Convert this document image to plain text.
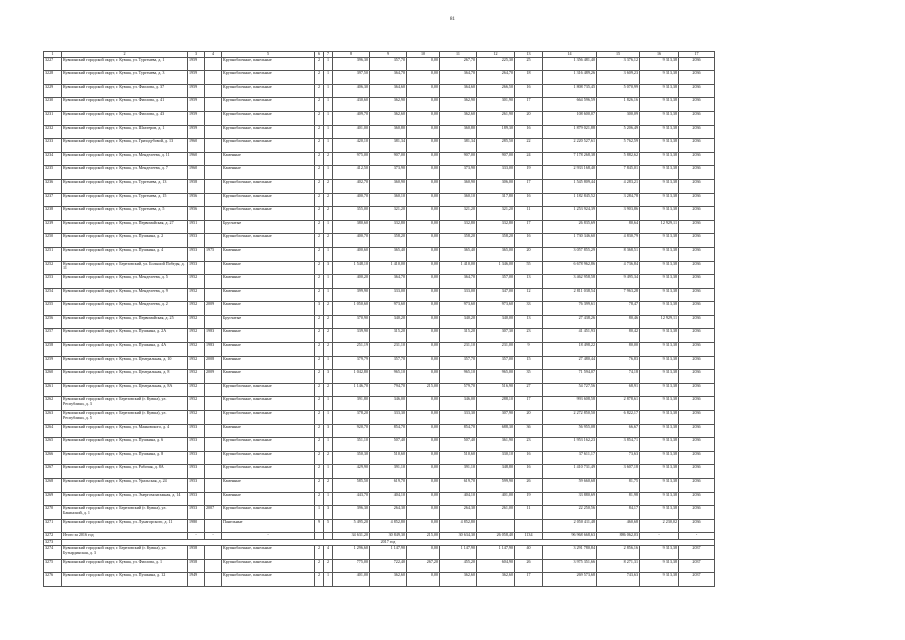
81
1	2	3	4	5	6	7	8	9	10	11	12	13	14	15	16	17
3227	Кувшинский городской округ, г. Кувша, ул. Тургенева, д. 1	1959		Крупноблочные, панельные	2	1	396,30	357,70	0,00	267,70	225,30	25	1 356 481,40	3 376,12	9 313,38	2036
3228	Кувшинский городской округ, г. Кувша, ул. Тургенева, д. 3	1959		Крупноблочные, панельные	2	1	397,50	364,70	0,00	364,70	264,70	18	1 316 489,26	3 609,23	9 313,38	2036
3229	Кувшинский городской округ, г. Кувша, ул. Фиолова, д. 37	1959		Крупноблочные, панельные	2	1	406,30	364,60	0,00	364,60	266,50	16	1 808 735,45	5 070,99	9 313,38	2036
3230	Кувшинский городской округ, г. Кувша, ул. Фиолова, д. 41	1959		Крупноблочные, панельные	2	1	430,60	362,90	0,00	362,90	301,90	17	664 596,59	1 826,16	9 313,38	2036
3231	Кувшинский городской округ, г. Кувша, ул. Фиолова, д. 43	1959		Крупноблочные, панельные	2	1	409,70	362,60	0,00	362,60	261,90	20	108 600,07	300,09	9 313,38	2036
3232	Кувшинский городской округ, г. Кувша, ул. Шахтеров, д. 1	1959		Крупноблочные, панельные	2	1	401,00	360,80	0,00	360,80	189,30	16	1 879 021,88	5 206,49	9 313,38	2036
3233	Кувшинский городской округ, г. Кувша, ул. Гризодубовой, д. 13	1960		Крупноблочные, панельные	2	1	420,10	381,34	0,00	381,34	285,50	22	2 220 527,61	5 762,59	9 313,38	2036
3234	Кувшинский городской округ, г. Кувша, ул. Менделеева, д. 11	1960		Каменные	2	2	975,00	907,00	0,00	907,00	907,00	24	7 178 268,38	5 882,62	9 313,38	2036
3235	Кувшинский городской округ, г. Кувша, ул. Менделеева, д. 7	1960		Каменные	2	1	412,50	373,90	0,00	373,90	333,00	19	2 933 168,40	7 845,01	9 313,38	2036
3236	Кувшинский городской округ, г. Кувша, ул. Тургенева, д. 13	1958		Крупноблочные, панельные	2	2	402,70	360,90	0,00	360,90	306,00	17	1 545 809,44	4 283,21	9 313,38	2036
3237	Кувшинский городской округ, г. Кувша, ул. Тургенева, д. 15	1956		Крупноблочные, панельные	2	2	400,70	360,10	0,00	360,10	317,80	16	1 182 845,52	3 284,78	9 313,38	2036
3238	Кувшинский городской округ, г. Кувша, ул. Тургенева, д. 5	1956		Крупноблочные, панельные	2	2	355,00	321,20	0,00	321,20	321,20	11	1 253 924,39	3 903,86	9 313,38	2036
3239	Кувшинский городской округ, г. Кувша, ул. Первомайская, д. 27	1951		Брусчатые	2	1	380,60	332,80	0,00	332,80	332,80	17	26 835,69	80,64	12 929,11	2036
3250	Кувшинский городской округ, г. Кувша, ул. Пушкина, д. 2	1953		Крупноблочные, панельные	2	2	400,70	358,20	0,00	358,20	358,20	16	1 730 346,60	4 830,79	9 313,38	2036
3251	Кувшинский городской округ, г. Кувша, ул. Пушкина, д. 4	1953	1975	Каменные	2	1	400,60	365,40	0,00	365,40	365,00	20	3 057 855,29	8 368,51	9 313,38	2036
3252	Кувшинский городской округ, г. Березовский, ул. Большой Победы, д. 11	1953		Каменные	2	3	1 548,10	1 410,00	0,00	1 410,00	1 346,00	55	6 678 962,86	4 736,84	9 313,38	2036
3253	Кувшинский городской округ, г. Кувша, ул. Менделеева, д. 5	1952		Каменные	2	1	400,20	364,70	0,00	364,70	357,00	13	3 462 958,58	9 495,34	9 313,38	2036
3254	Кувшинский городской округ, г. Кувша, ул. Менделеева, д. 9	1952		Каменные	2	1	399,90	333,00	0,00	333,00	347,00	12	2 811 038,54	7 963,28	9 313,38	2036
3255	Кувшинский городской округ, г. Кувша, ул. Менделеева, д. 2	1952	2009	Каменные	3	2	1 050,60	973,60	0,00	973,60	973,60	33	76 399,61	78,47	9 313,38	2036
3256	Кувшинский городской округ, г. Кувша, ул. Первомайская, д. 25	1952		Брусчатые	2	2	370,90	340,20	0,00	340,20	340,00	13	27 438,26	80,46	12 929,11	2036
3257	Кувшинский городской округ, г. Кувша, ул. Пушкина, д. 2А	1952	1983	Каменные	2	2	339,90	315,20	0,00	315,20	307,30	23	41 451,93	80,42	9 313,38	2036
3258	Кувшинский городской округ, г. Кувша, ул. Пушкина, д. 4А	1952	1983	Каменные	2	2	251,19	231,10	0,00	231,10	231,00	9	18 498,22	80,00	9 313,38	2036
3259	Кувшинский городской округ, г. Кувша, ул. Центральная, д. 10	1952	2008	Каменные	2	1	379,79	357,70	0,00	357,70	357,00	15	27 480,44	76,83	9 313,38	2036
3260	Кувшинский городской округ, г. Кувша, ул. Центральная, д. 8	1952	2009	Каменные	2	3	1 042,80	965,10	0,00	965,10	965,00	35	71 594,07	74,18	9 313,38	2036
3261	Кувшинский городской округ, г. Кувша, ул. Центральная, д. 8А	1952		Крупноблочные, панельные	2	2	1 146,70	794,70	215,00	579,70	516,90	27	54 727,56	68,91	9 313,38	2036
3262	Кувшинский городской округ, г. Березовский (г. Кувша), ул. Республики, д. 3	1952		Крупноблочные, панельные	2	1	391,80	346,00	0,00	346,00	288,10	17	993 608,58	2 878,61	9 313,38	2036
3263	Кувшинский городской округ, г. Березовский (г. Кувша), ул. Республики, д. 5	1952		Крупноблочные, панельные	2	1	378,20	333,30	0,00	333,30	307,90	20	2 272 850,50	6 822,17	9 313,38	2036
3264	Кувшинский городской округ, г. Кувша, ул. Маяковского, д. 4	1953		Каменные	2	3	920,70	854,70	0,00	854,70	688,30	36	56 955,08	66,67	9 313,38	2036
3265	Кувшинский городской округ, г. Кувша, ул. Пушкина, д. 6	1953		Крупноблочные, панельные	2	1	351,10	507,40	0,00	507,40	361,90	23	1 953 162,23	3 854,71	9 313,38	2036
3266	Кувшинский городской округ, г. Кувша, ул. Пушкина, д. 8	1953		Крупноблочные, панельные	2	2	350,30	510,60	0,00	510,60	330,10	16	37 611,17	73,63	9 313,38	2036
3267	Кувшинский городской округ, г. Кувша, ул. Рабочая, д. 8А	1953		Крупноблочные, панельные	2	1	429,90	391,10	0,00	391,10	348,80	16	1 410 731,49	3 607,18	9 313,38	2036
3268	Кувшинский городской округ, г. Кувша, ул. Уральская, д. 24	1953		Каменные	2	2	585,50	619,70	0,00	619,70	599,90	26	59 660,68	81,75	9 313,38	2036
3269	Кувшинский городской округ, г. Кувша, ул. Энергомонтажная, д. 14	1953		Каменные	2	1	443,70	404,10	0,00	404,10	401,00	19	33 880,69	81,98	9 313,38	2036
3270	Кувшинский городской округ, г. Березовский (г. Кувша), ул. Бакинский, д. 1	1953	2007	Крупноблочные, панельные	1	3	396,30	264,30	0,00	264,30	261,00	11	22 250,56	84,17	9 313,38	2036
3271	Кувшинский городской округ, г. Кувша, ул. Лунагорского, д. 11	1980		Панельные	9	5	5 495,20	4 852,80	0,00	4 852,80			2 050 411,48	460,68	2 230,02	2036
3272	Итого за 2016 год	-	-	-			34 631,20	30 849,30	215,00	30 634,30	26 058,40	1134	96 968 668,63	886 062,03	-	-
3273	2017 год															
3274	Кувшинский городской округ, г. Березовский (г. Кувша), ул. Бутырдинская, д. 3	1958		Крупноблочные, панельные	2	4	1 296,60	1 147,90	0,00	1 147,90	1 147,90	40	3 291 780,84	2 856,16	9 313,38	2037
3275	Кувшинский городской округ, г. Кувша, ул. Фиолова, д. 1	1958		Крупноблочные, панельные	2	2	775,00	722,40	267,20	455,20	604,90	26	3 975 351,66	8 271,31	9 313,38	2037
3276	Кувшинский городской округ, г. Кувша, ул. Пушкина, д. 12	1949		Крупноблочные, панельные	2	1	401,00	362,60	0,00	362,60	362,60	17	269 573,68	743,63	9 313,38	2037
